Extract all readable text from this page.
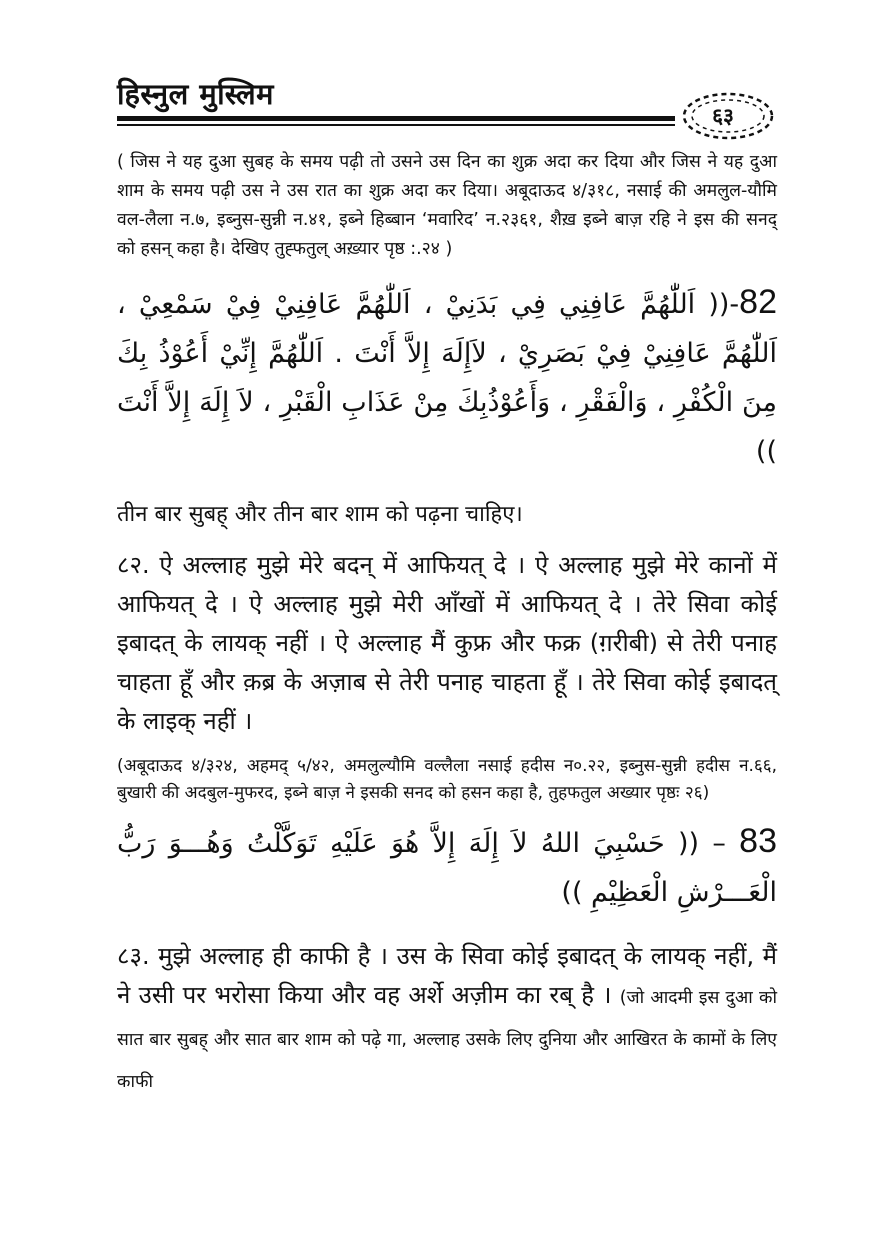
हिस्नुल मुस्लिम
६३

( जिस ने यह दुआ सुबह के समय पढ़ी तो उसने उस दिन का शुक्र अदा कर दिया और जिस ने यह दुआ शाम के समय पढ़ी उस ने उस रात का शुक्र अदा कर दिया। अबूदाऊद ४/३१८, नसाई की अमलुल-यौमि वल-लैला न.७, इब्नुस-सुन्नी न.४१, इब्ने हिब्बान ‘मवारिद’ न.२३६१, शैख़ इब्ने बाज़ रहि ने इस की सनद् को हसन् कहा है। देखिए तुह्फतुल् अख़्यार पृष्ठ :.२४ )

82-(( اَللّٰهُمَّ عَافِنِي فِي بَدَنِيْ ، اَللّٰهُمَّ عَافِنِيْ فِيْ سَمْعِيْ ، اَللّٰهُمَّ عَافِنِيْ فِيْ بَصَرِيْ ، لاَإِلَهَ إِلاَّ أَنْتَ . اَللّٰهُمَّ إِنِّيْ أَعُوْذُ بِكَ مِنَ الْكُفْرِ ، وَالْفَقْرِ ، وَأَعُوْذُبِكَ مِنْ عَذَابِ الْقَبْرِ ، لاَ إِلَهَ إِلاَّ أَنْتَ ))

तीन बार सुबह् और तीन बार शाम को पढ़ना चाहिए।

८२. ऐ अल्लाह मुझे मेरे बदन् में आफियत् दे । ऐ अल्लाह मुझे मेरे कानों में आफियत् दे । ऐ अल्लाह मुझे मेरी आँखों में आफियत् दे । तेरे सिवा कोई इबादत् के लायक् नहीं । ऐ अल्लाह मैं कुफ्र और फक्र (ग़रीबी) से तेरी पनाह चाहता हूँ और क़ब्र के अज़ाब से तेरी पनाह चाहता हूँ । तेरे सिवा कोई इबादत् के लाइक् नहीं ।

(अबूदाऊद ४/३२४, अहमद् ५/४२, अमलुल्यौमि वल्लैला नसाई हदीस न०.२२, इब्नुस-सुन्नी हदीस न.६६, बुखारी की अदबुल-मुफरद, इब्ने बाज़ ने इसकी सनद को हसन कहा है, तुहफतुल अख्यार पृष्ठः २६)

83 – (( حَسْبِيَ اللهُ لاَ إِلَهَ إِلاَّ هُوَ عَلَيْهِ تَوَكَّلْتُ وَهُـــوَ رَبُّ الْعَـــرْشِ الْعَظِيْمِ ))

८३. मुझे अल्लाह ही काफी है । उस के सिवा कोई इबादत् के लायक् नहीं, मैं ने उसी पर भरोसा किया और वह अर्शे अज़ीम का रब् है । (जो आदमी इस दुआ को सात बार सुबह् और सात बार शाम को पढ़े गा, अल्लाह उसके लिए दुनिया और आखिरत के कामों के लिए काफी
